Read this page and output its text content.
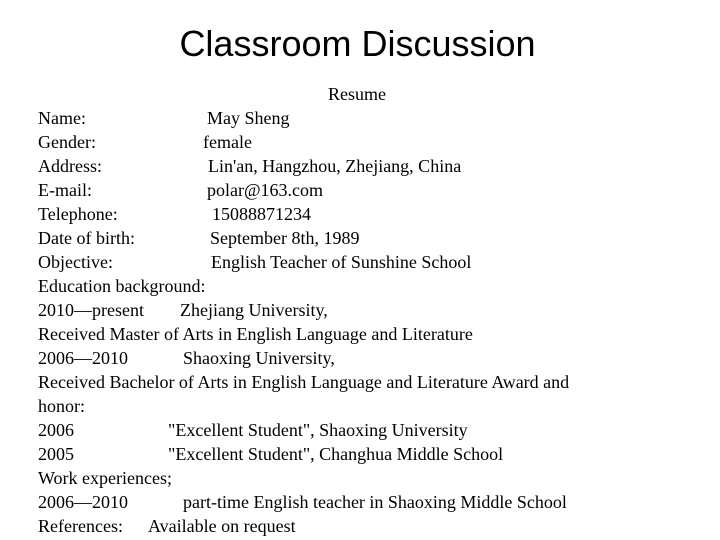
Classroom Discussion
Resume
Name:	May Sheng
Gender:	female
Address:	Lin'an, Hangzhou, Zhejiang, China
E-mail:	polar@163.com
Telephone:	15088871234
Date of birth:	September 8th, 1989
Objective:	English Teacher of Sunshine School
Education background:
2010—present Zhejiang University,
Received Master of Arts in English Language and Literature
2006—2010	Shaoxing University,
Received Bachelor of Arts in English Language and Literature Award and
honor:
2006	"Excellent Student", Shaoxing University
2005	"Excellent Student", Changhua Middle School
Work experiences;
2006—2010	part-time English teacher in Shaoxing Middle School
References: Available on request
